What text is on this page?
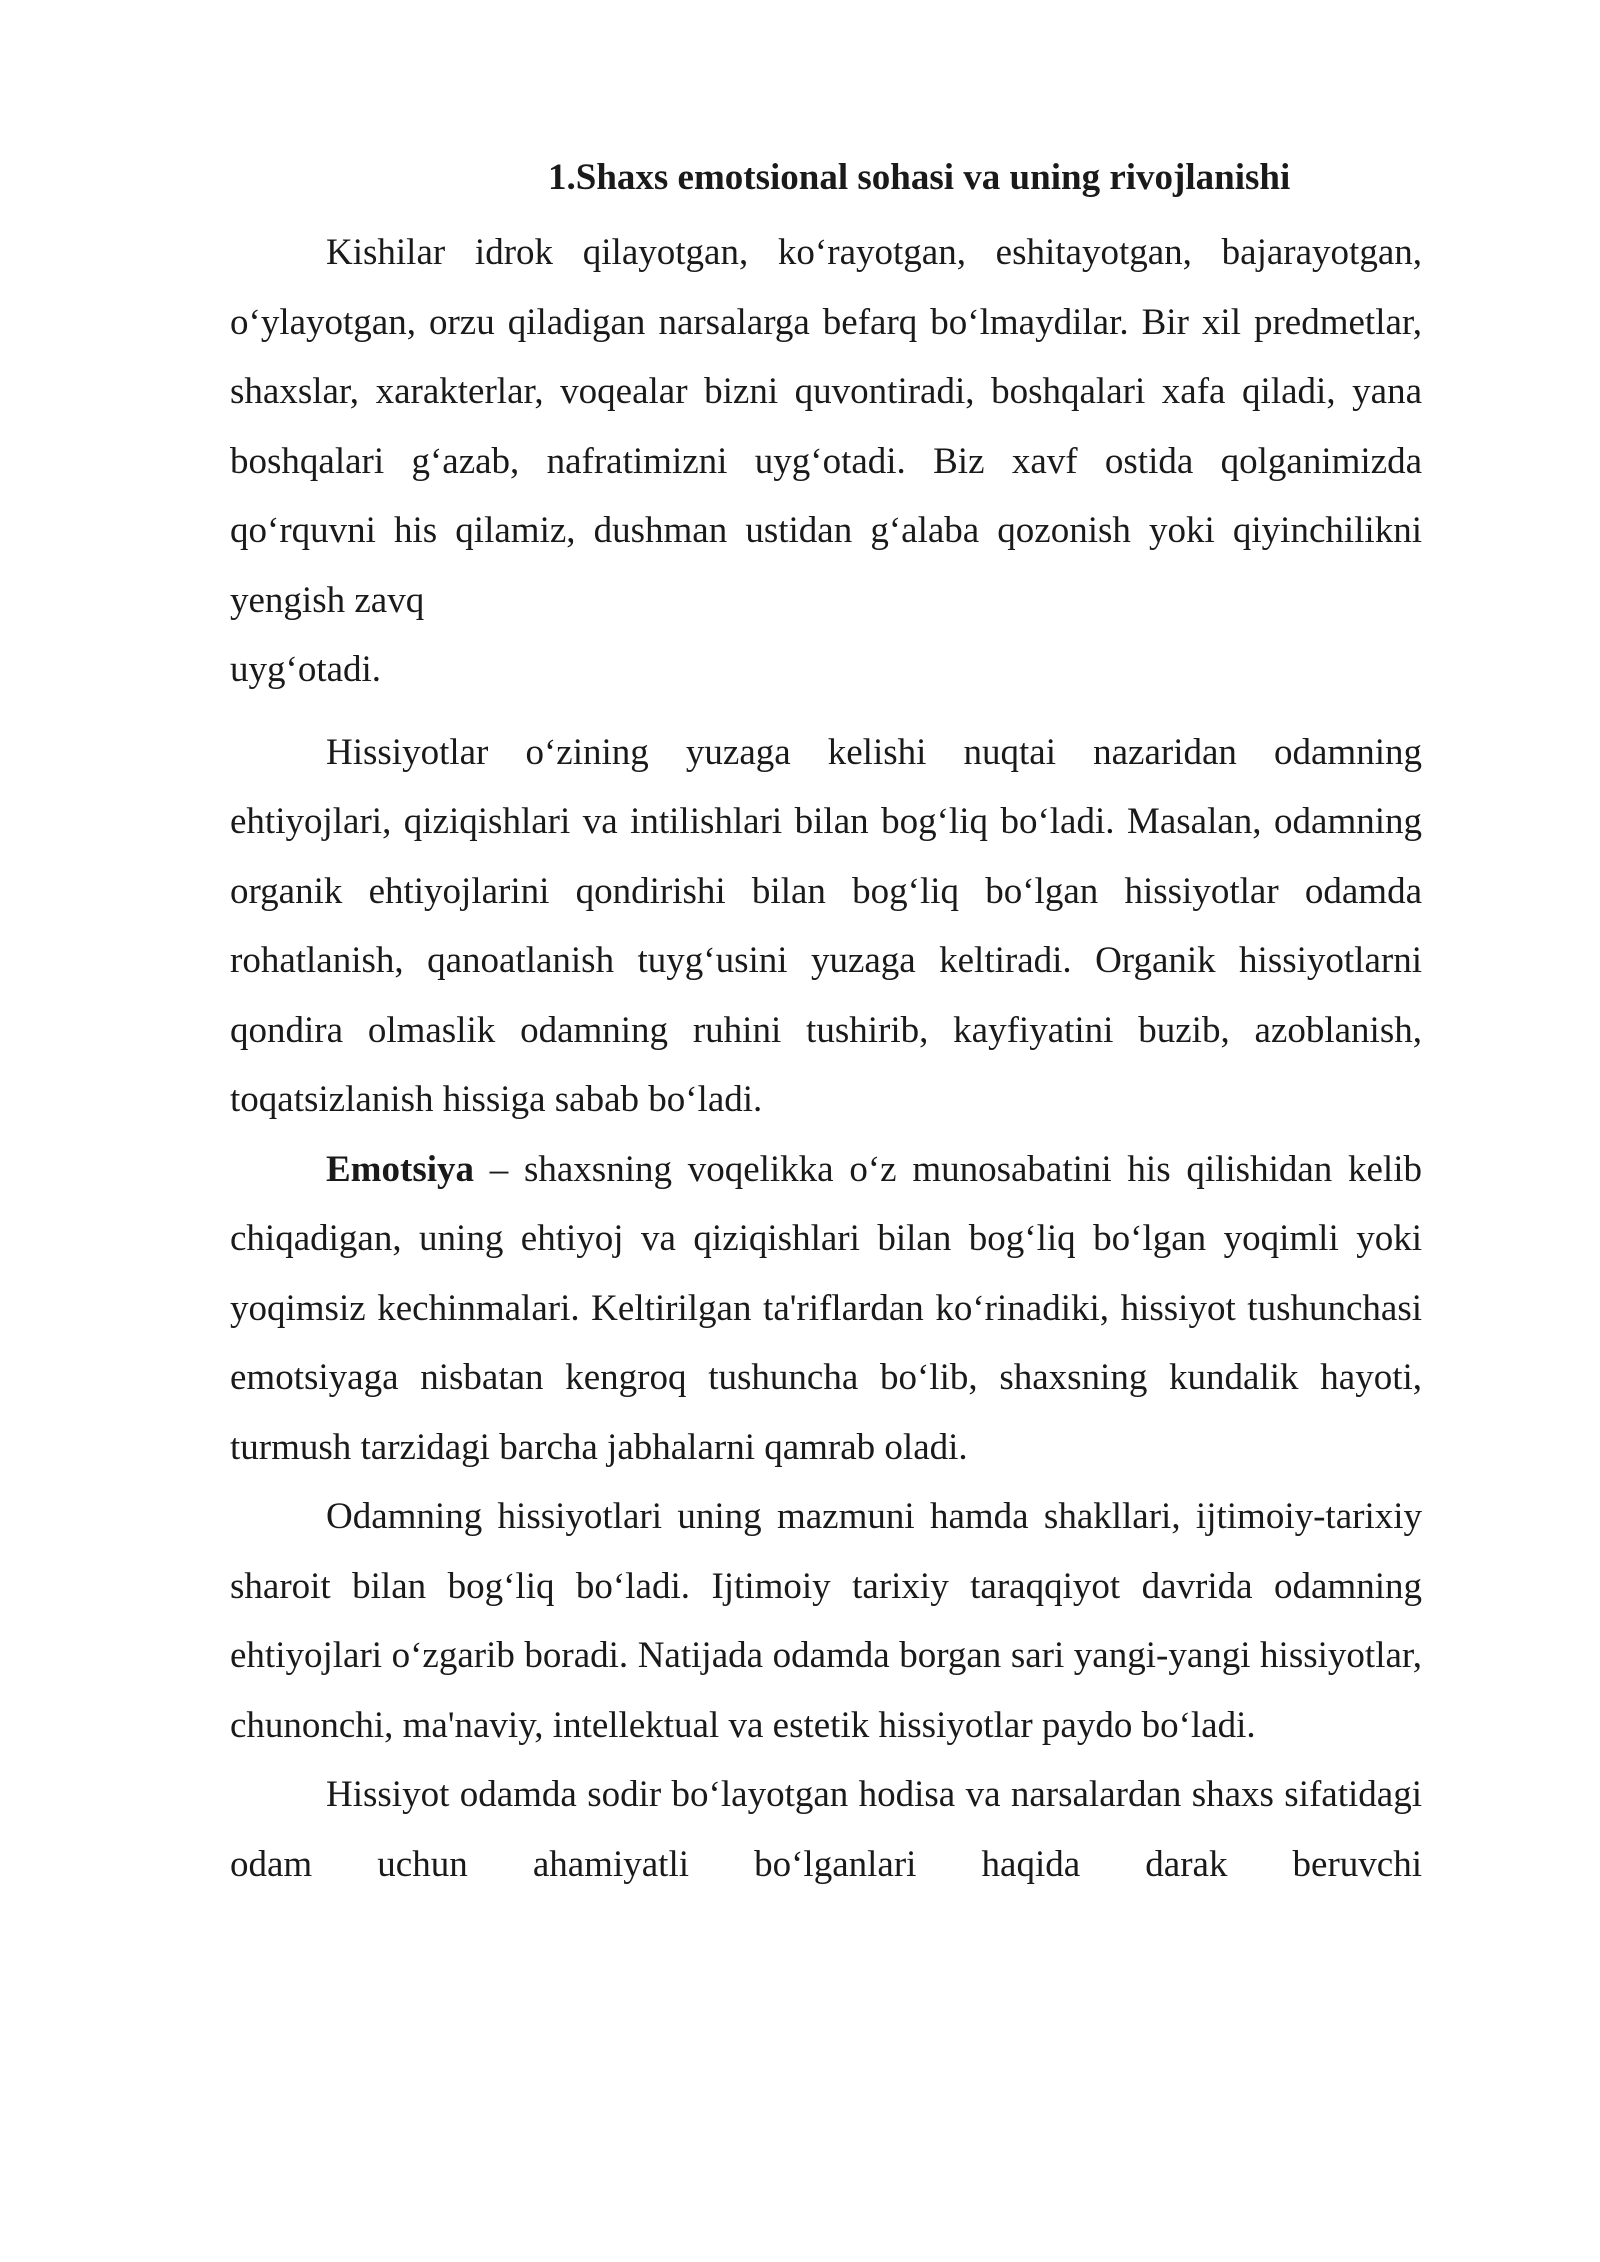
1.Shaxs emotsional sohasi va uning rivojlanishi

Kishilar idrok qilayotgan, ko‘rayotgan, eshitayotgan, bajarayotgan, o‘ylayotgan, orzu qiladigan narsalarga befarq bo‘lmaydilar. Bir xil predmetlar, shaxslar, xarakterlar, voqealar bizni quvontiradi, boshqalari xafa qiladi, yana boshqalari g‘azab, nafratimizni uyg‘otadi. Biz xavf ostida qolganimizda qo‘rquvni his qilamiz, dushman ustidan g‘alaba qozonish yoki qiyinchilikni yengish zavq
uyg‘otadi.

Hissiyotlar o‘zining yuzaga kelishi nuqtai nazaridan odamning ehtiyojlari, qiziqishlari va intilishlari bilan bog‘liq bo‘ladi. Masalan, odamning organik ehtiyojlarini qondirishi bilan bog‘liq bo‘lgan hissiyotlar odamda rohatlanish, qanoatlanish tuyg‘usini yuzaga keltiradi. Organik hissiyotlarni qondira olmaslik odamning ruhini tushirib, kayfiyatini buzib, azoblanish, toqatsizlanish hissiga sabab bo‘ladi.

Emotsiya – shaxsning voqelikka o‘z munosabatini his qilishidan kelib chiqadigan, uning ehtiyoj va qiziqishlari bilan bog‘liq bo‘lgan yoqimli yoki yoqimsiz kechinmalari. Keltirilgan ta'riflardan ko‘rinadiki, hissiyot tushunchasi emotsiyaga nisbatan kengroq tushuncha bo‘lib, shaxsning kundalik hayoti, turmush tarzidagi barcha jabhalarni qamrab oladi.

Odamning hissiyotlari uning mazmuni hamda shakllari, ijtimoiy-tarixiy sharoit bilan bog‘liq bo‘ladi. Ijtimoiy tarixiy taraqqiyot davrida odamning ehtiyojlari o‘zgarib boradi. Natijada odamda borgan sari yangi-yangi hissiyotlar, chunonchi, ma'naviy, intellektual va estetik hissiyotlar paydo bo‘ladi.

Hissiyot odamda sodir bo‘layotgan hodisa va narsalardan shaxs sifatidagi odam uchun ahamiyatli bo‘lganlari haqida darak beruvchi
